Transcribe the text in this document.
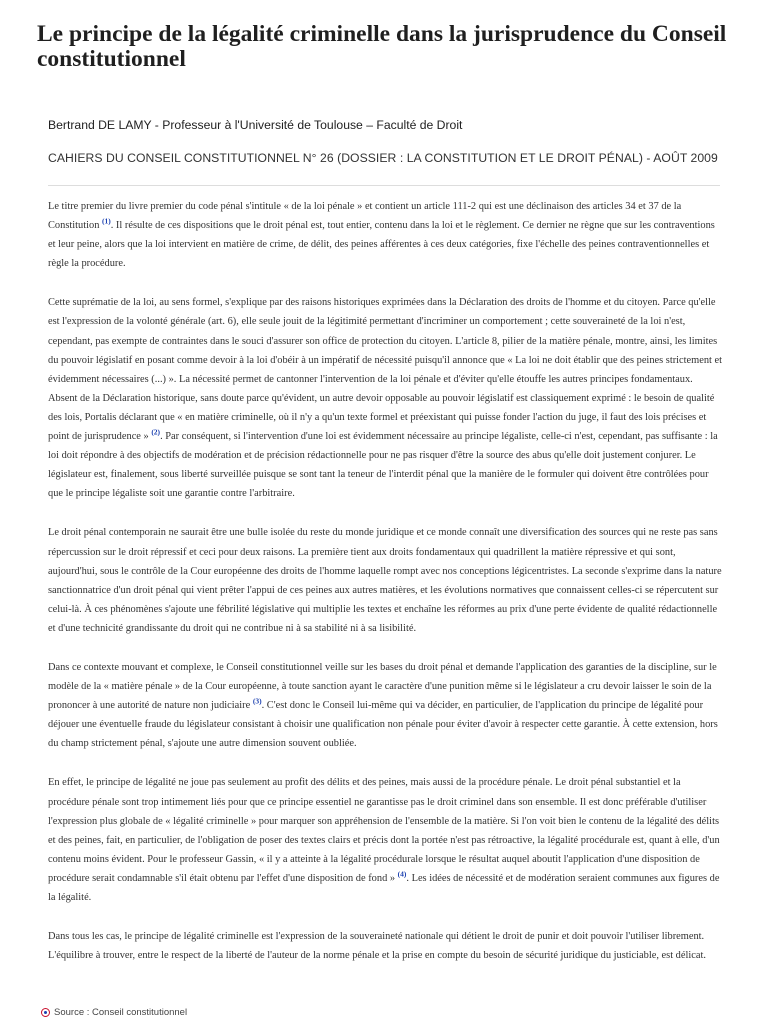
Le principe de la légalité criminelle dans la jurisprudence du Conseil constitutionnel
Bertrand DE LAMY - Professeur à l'Université de Toulouse – Faculté de Droit
CAHIERS DU CONSEIL CONSTITUTIONNEL N° 26 (DOSSIER : LA CONSTITUTION ET LE DROIT PÉNAL) - AOÛT 2009

Le titre premier du livre premier du code pénal s'intitule « de la loi pénale » et contient un article 111-2 qui est une déclinaison des articles 34 et 37 de la Constitution $^{(1)}$. Il résulte de ces dispositions que le droit pénal est, tout entier, contenu dans la loi et le règlement. Ce dernier ne règne que sur les contraventions et leur peine, alors que la loi intervient en matière de crime, de délit, des peines afférentes à ces deux catégories, fixe l'échelle des peines contraventionnelles et règle la procédure.

Cette suprématie de la loi, au sens formel, s'explique par des raisons historiques exprimées dans la Déclaration des droits de l'homme et du citoyen. Parce qu'elle est l'expression de la volonté générale (art. 6), elle seule jouit de la légitimité permettant d'incriminer un comportement ; cette souveraineté de la loi n'est, cependant, pas exempte de contraintes dans le souci d'assurer son office de protection du citoyen. L'article 8, pilier de la matière pénale, montre, ainsi, les limites du pouvoir législatif en posant comme devoir à la loi d'obéir à un impératif de nécessité puisqu'il annonce que « La loi ne doit établir que des peines strictement et évidemment nécessaires (...) ». La nécessité permet de cantonner l'intervention de la loi pénale et d'éviter qu'elle étouffe les autres principes fondamentaux. Absent de la Déclaration historique, sans doute parce qu'évident, un autre devoir opposable au pouvoir législatif est classiquement exprimé : le besoin de qualité des lois, Portalis déclarant que « en matière criminelle, où il n'y a qu'un texte formel et préexistant qui puisse fonder l'action du juge, il faut des lois précises et point de jurisprudence » $^{(2)}$. Par conséquent, si l'intervention d'une loi est évidemment nécessaire au principe légaliste, celle-ci n'est, cependant, pas suffisante : la loi doit répondre à des objectifs de modération et de précision rédactionnelle pour ne pas risquer d'être la source des abus qu'elle doit justement conjurer. Le législateur est, finalement, sous liberté surveillée puisque se sont tant la teneur de l'interdit pénal que la manière de le formuler qui doivent être contrôlées pour que le principe légaliste soit une garantie contre l'arbitraire.

Le droit pénal contemporain ne saurait être une bulle isolée du reste du monde juridique et ce monde connaît une diversification des sources qui ne reste pas sans répercussion sur le droit répressif et ceci pour deux raisons. La première tient aux droits fondamentaux qui quadrillent la matière répressive et qui sont, aujourd'hui, sous le contrôle de la Cour européenne des droits de l'homme laquelle rompt avec nos conceptions légicentristes. La seconde s'exprime dans la nature sanctionnatrice d'un droit pénal qui vient prêter l'appui de ces peines aux autres matières, et les évolutions normatives que connaissent celles-ci se répercutent sur celui-là. À ces phénomènes s'ajoute une fébrilité législative qui multiplie les textes et enchaîne les réformes au prix d'une perte évidente de qualité rédactionnelle et d'une technicité grandissante du droit qui ne contribue ni à sa stabilité ni à sa lisibilité.

Dans ce contexte mouvant et complexe, le Conseil constitutionnel veille sur les bases du droit pénal et demande l'application des garanties de la discipline, sur le modèle de la « matière pénale » de la Cour européenne, à toute sanction ayant le caractère d'une punition même si le législateur a cru devoir laisser le soin de la prononcer à une autorité de nature non judiciaire $^{(3)}$. C'est donc le Conseil lui-même qui va décider, en particulier, de l'application du principe de légalité pour déjouer une éventuelle fraude du législateur consistant à choisir une qualification non pénale pour éviter d'avoir à respecter cette garantie. À cette extension, hors du champ strictement pénal, s'ajoute une autre dimension souvent oubliée.

En effet, le principe de légalité ne joue pas seulement au profit des délits et des peines, mais aussi de la procédure pénale. Le droit pénal substantiel et la procédure pénale sont trop intimement liés pour que ce principe essentiel ne garantisse pas le droit criminel dans son ensemble. Il est donc préférable d'utiliser l'expression plus globale de « légalité criminelle » pour marquer son appréhension de l'ensemble de la matière. Si l'on voit bien le contenu de la légalité des délits et des peines, fait, en particulier, de l'obligation de poser des textes clairs et précis dont la portée n'est pas rétroactive, la légalité procédurale est, quant à elle, d'un contenu moins évident. Pour le professeur Gassin, « il y a atteinte à la légalité procédurale lorsque le résultat auquel aboutit l'application d'une disposition de procédure serait condamnable s'il était obtenu par l'effet d'une disposition de fond » $^{(4)}$. Les idées de nécessité et de modération seraient communes aux figures de la légalité.

Dans tous les cas, le principe de légalité criminelle est l'expression de la souveraineté nationale qui détient le droit de punir et doit pouvoir l'utiliser librement. L'équilibre à trouver, entre le respect de la liberté de l'auteur de la norme pénale et la prise en compte du besoin de sécurité juridique du justiciable, est délicat.

Source : Conseil constitutionnel
